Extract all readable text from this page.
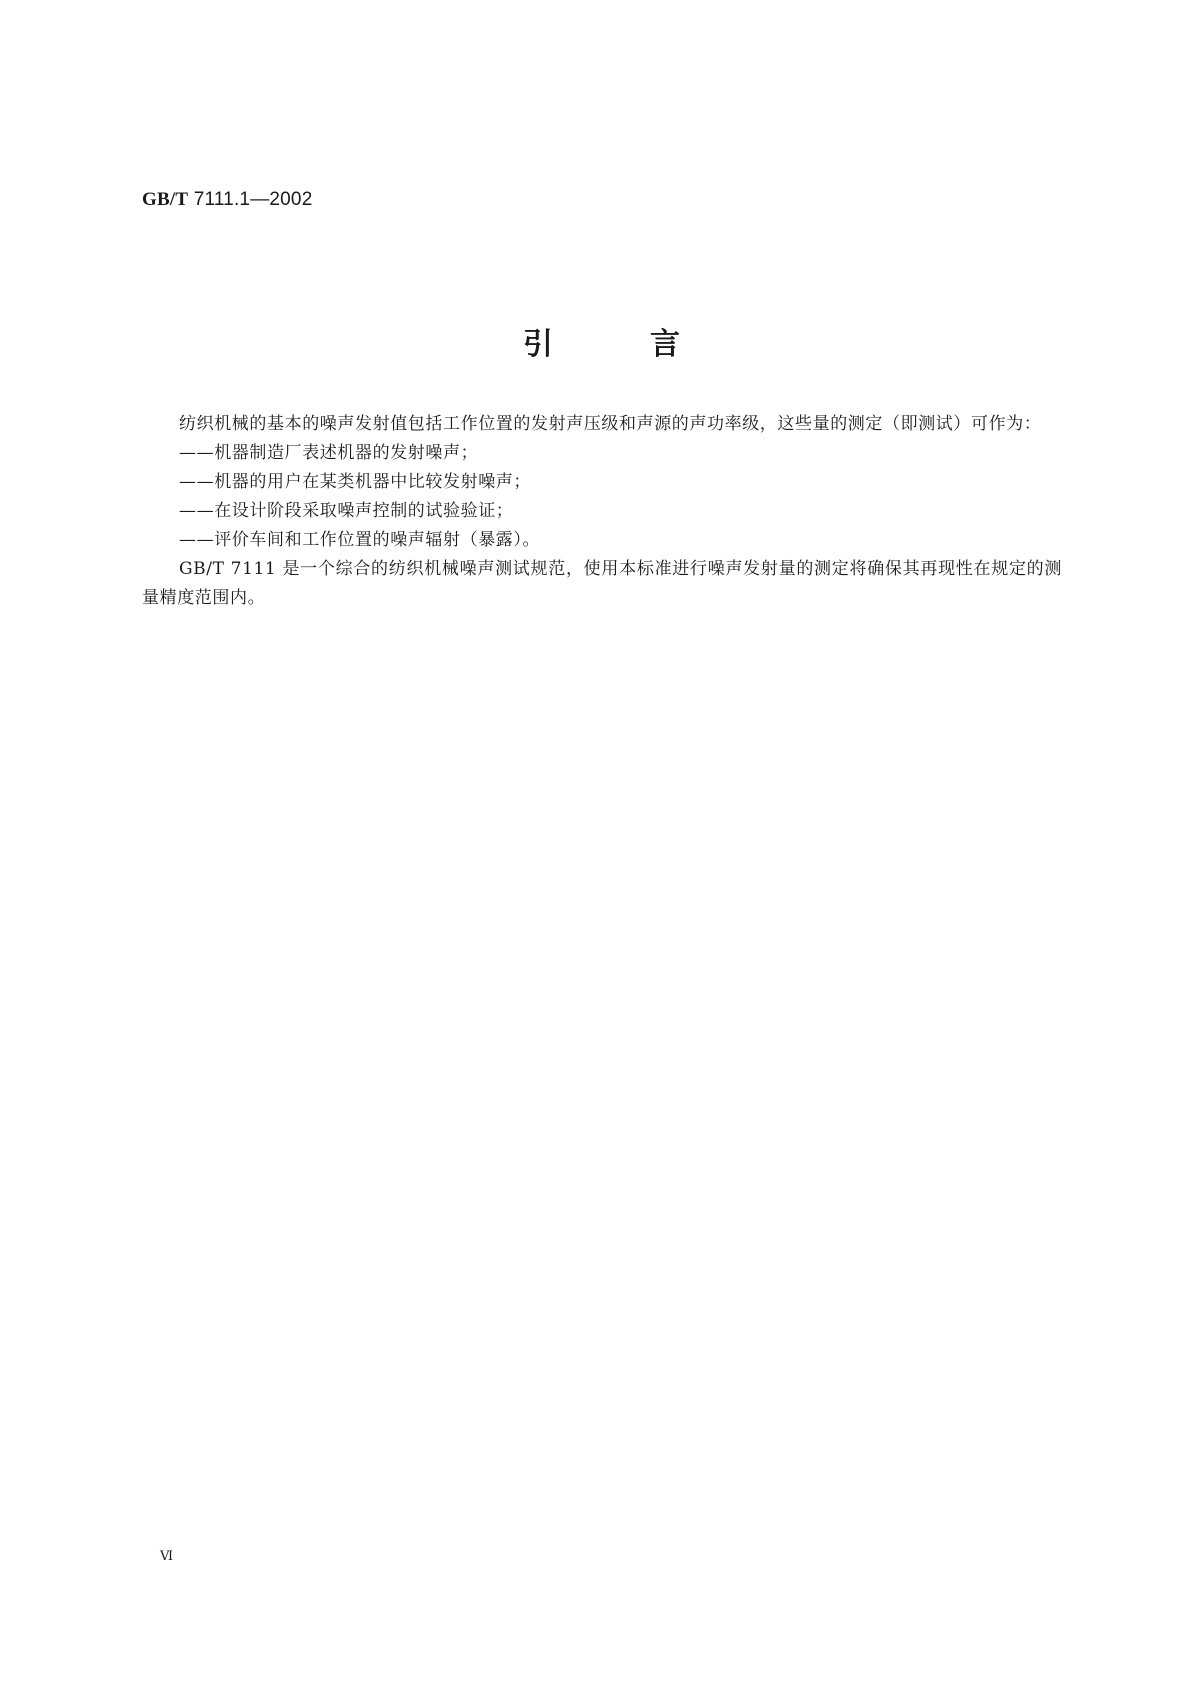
GB/T 7111.1—2002
引	言

纺织机械的基本的噪声发射值包括工作位置的发射声压级和声源的声功率级，这些量的测定（即测试）可作为：

——机器制造厂表述机器的发射噪声；

——机器的用户在某类机器中比较发射噪声；

——在设计阶段采取噪声控制的试验验证；

——评价车间和工作位置的噪声辐射（暴露）。

GB/T 7111 是一个综合的纺织机械噪声测试规范，使用本标准进行噪声发射量的测定将确保其再现性在规定的测量精度范围内。

Ⅵ
